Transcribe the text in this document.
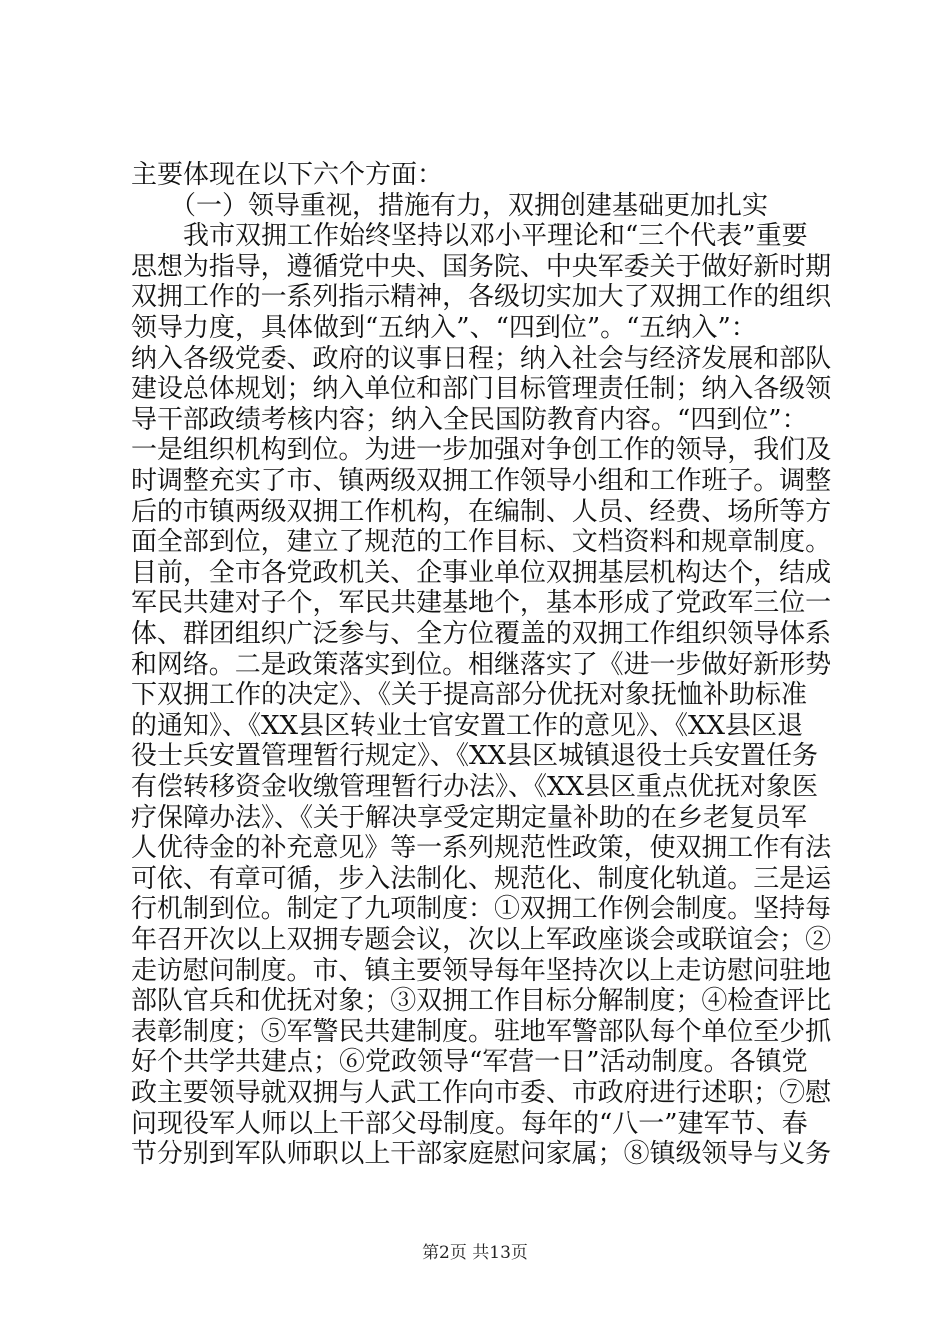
主要体现在以下六个方面：
　　（一）领导重视，措施有力，双拥创建基础更加扎实
　　我市双拥工作始终坚持以邓小平理论和“三个代表”重要
思想为指导，遵循党中央、国务院、中央军委关于做好新时期
双拥工作的一系列指示精神，各级切实加大了双拥工作的组织
领导力度，具体做到“五纳入”、“四到位”。“五纳入”：
纳入各级党委、政府的议事日程；纳入社会与经济发展和部队
建设总体规划；纳入单位和部门目标管理责任制；纳入各级领
导干部政绩考核内容；纳入全民国防教育内容。“四到位”：
一是组织机构到位。为进一步加强对争创工作的领导，我们及
时调整充实了市、镇两级双拥工作领导小组和工作班子。调整
后的市镇两级双拥工作机构，在编制、人员、经费、场所等方
面全部到位，建立了规范的工作目标、文档资料和规章制度。
目前，全市各党政机关、企事业单位双拥基层机构达个，结成
军民共建对子个，军民共建基地个，基本形成了党政军三位一
体、群团组织广泛参与、全方位覆盖的双拥工作组织领导体系
和网络。二是政策落实到位。相继落实了《进一步做好新形势
下双拥工作的决定》、《关于提高部分优抚对象抚恤补助标准
的通知》、《XX县区转业士官安置工作的意见》、《XX县区退
役士兵安置管理暂行规定》、《XX县区城镇退役士兵安置任务
有偿转移资金收缴管理暂行办法》、《XX县区重点优抚对象医
疗保障办法》、《关于解决享受定期定量补助的在乡老复员军
人优待金的补充意见》等一系列规范性政策，使双拥工作有法
可依、有章可循，步入法制化、规范化、制度化轨道。三是运
行机制到位。制定了九项制度：①双拥工作例会制度。坚持每
年召开次以上双拥专题会议，次以上军政座谈会或联谊会；②
走访慰问制度。市、镇主要领导每年坚持次以上走访慰问驻地
部队官兵和优抚对象；③双拥工作目标分解制度；④检查评比
表彰制度；⑤军警民共建制度。驻地军警部队每个单位至少抓
好个共学共建点；⑥党政领导“军营一日”活动制度。各镇党
政主要领导就双拥与人武工作向市委、市政府进行述职；⑦慰
问现役军人师以上干部父母制度。每年的“八一”建军节、春
节分别到军队师职以上干部家庭慰问家属；⑧镇级领导与义务
第2页 共13页
